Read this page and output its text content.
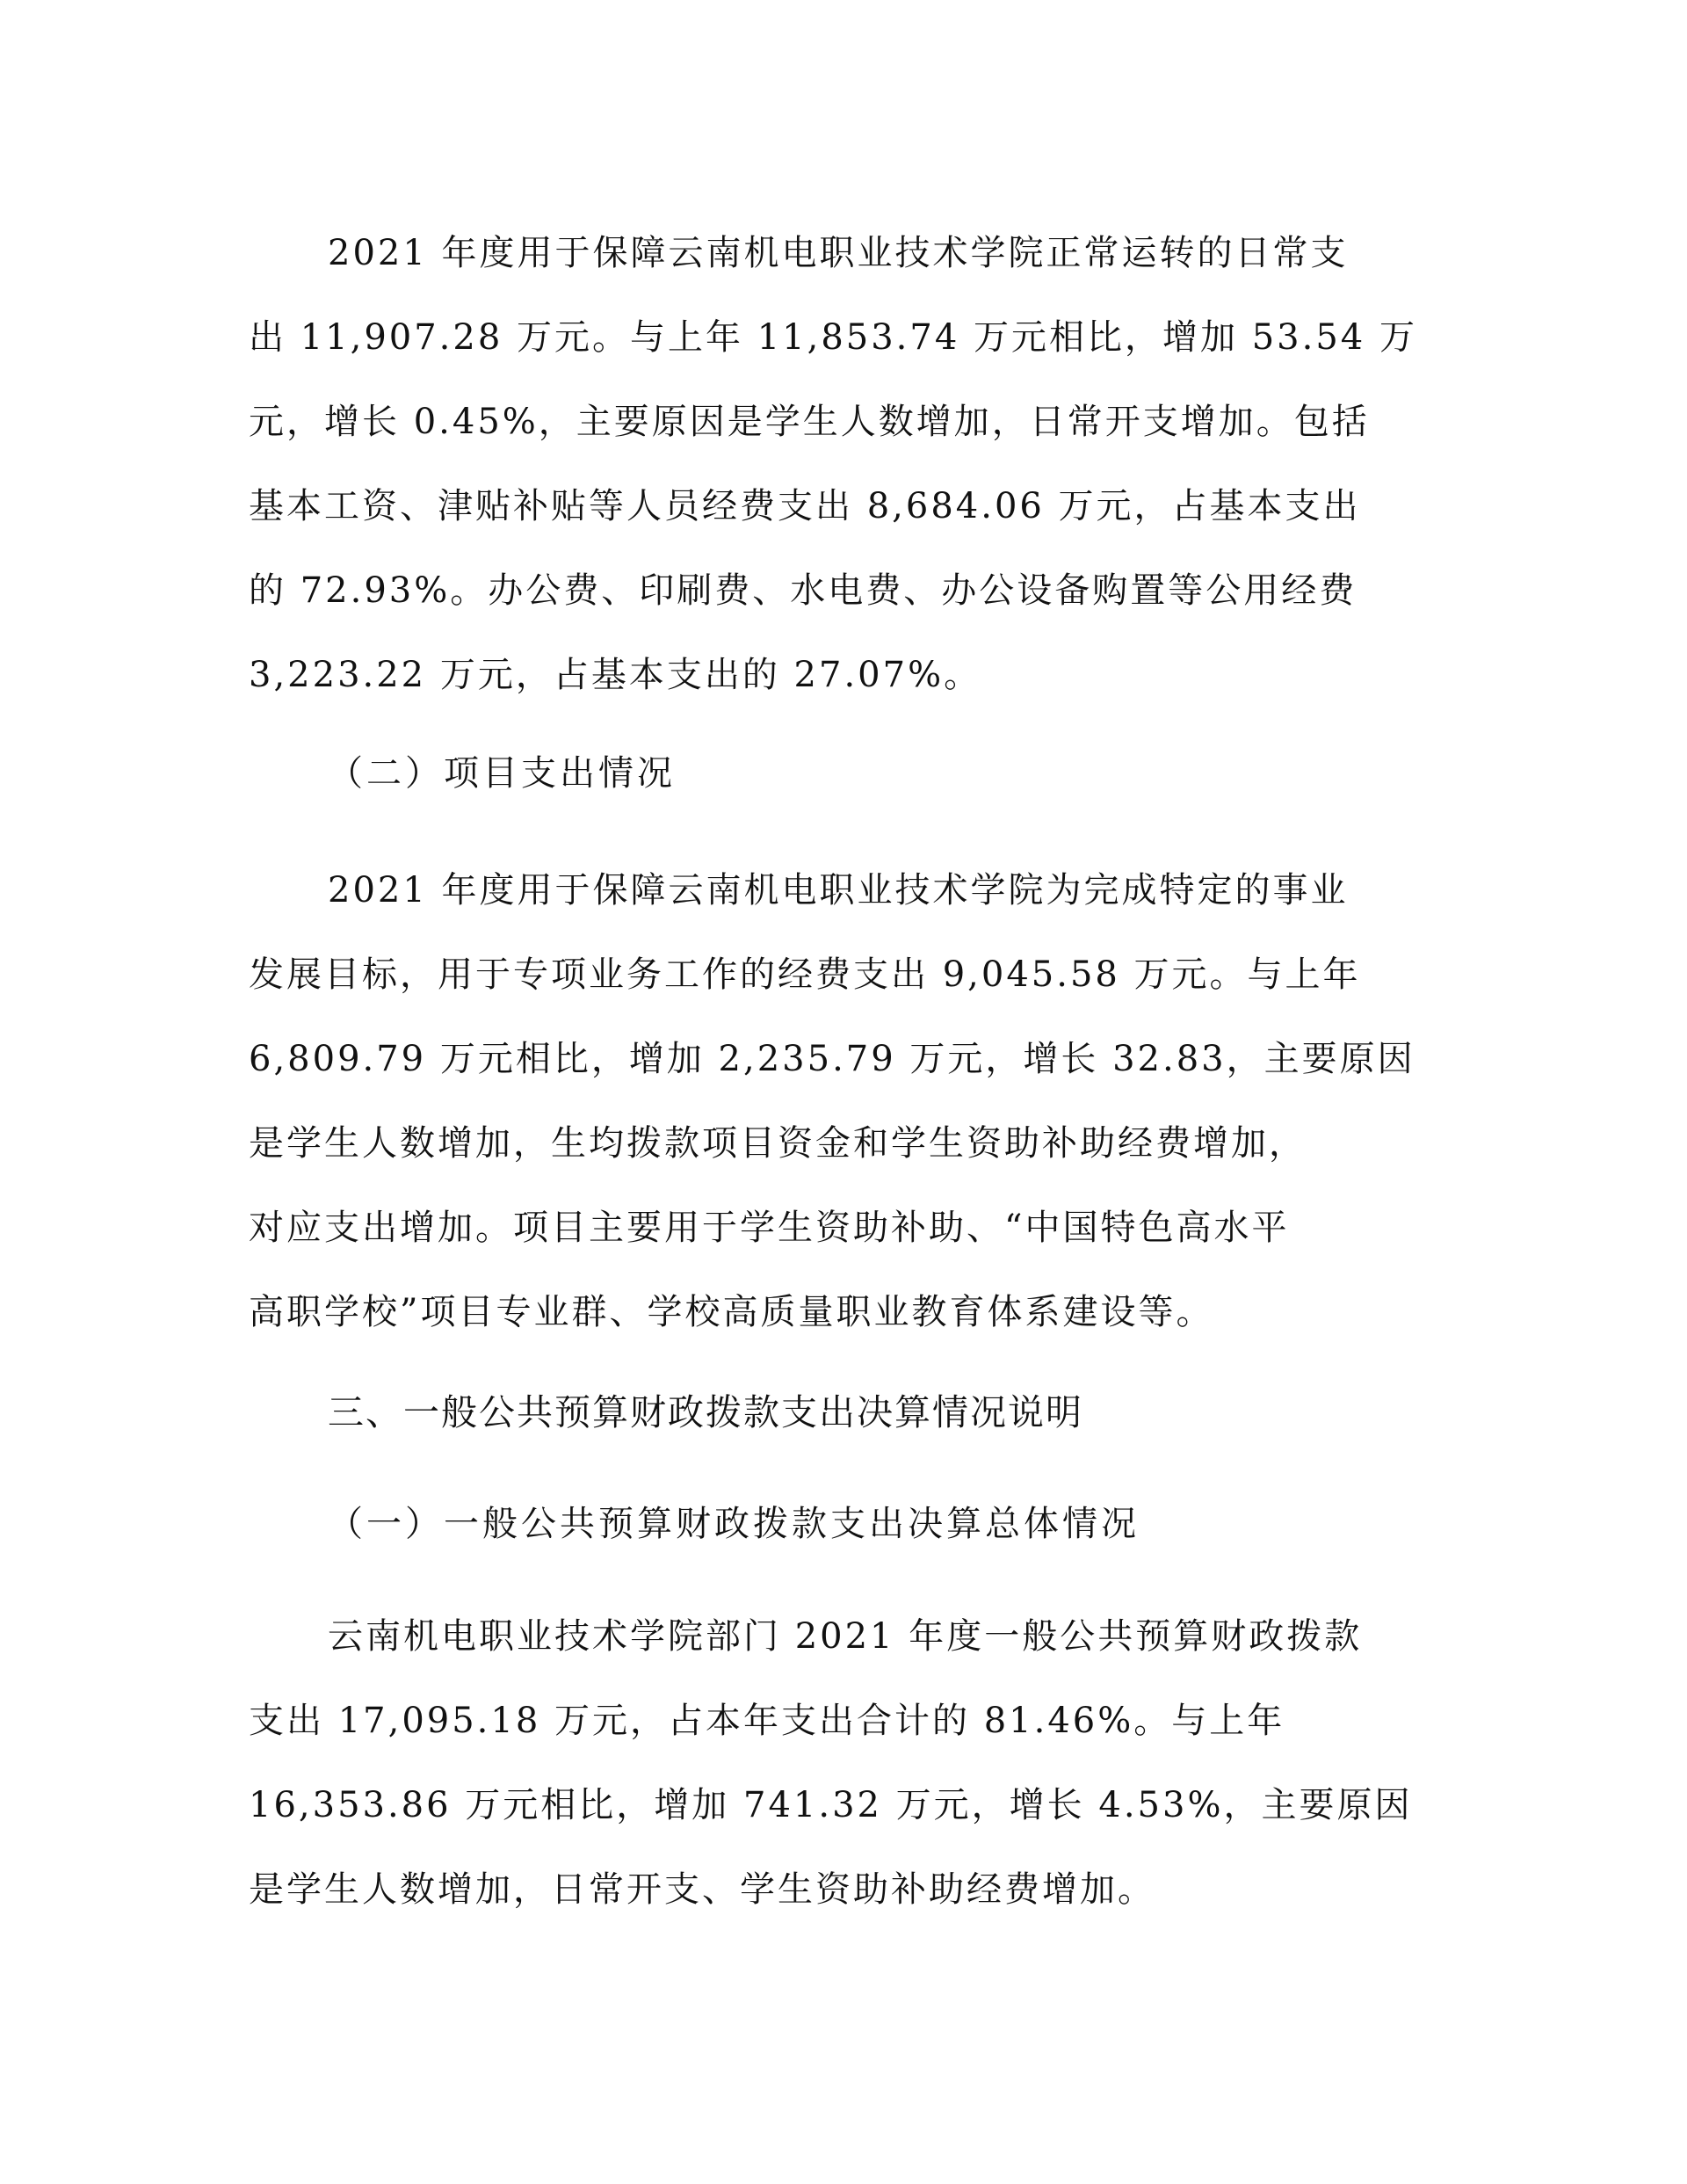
2021 年度用于保障云南机电职业技术学院正常运转的日常支
出 11,907.28 万元。与上年 11,853.74 万元相比，增加 53.54 万
元，增长 0.45%，主要原因是学生人数增加，日常开支增加。包括
基本工资、津贴补贴等人员经费支出 8,684.06 万元，占基本支出
的 72.93%。办公费、印刷费、水电费、办公设备购置等公用经费
3,223.22 万元，占基本支出的 27.07%。
（二）项目支出情况
2021 年度用于保障云南机电职业技术学院为完成特定的事业
发展目标，用于专项业务工作的经费支出 9,045.58 万元。与上年
6,809.79 万元相比，增加 2,235.79 万元，增长 32.83，主要原因
是学生人数增加，生均拨款项目资金和学生资助补助经费增加，
对应支出增加。项目主要用于学生资助补助、“中国特色高水平
高职学校”项目专业群、学校高质量职业教育体系建设等。
三、一般公共预算财政拨款支出决算情况说明
（一）一般公共预算财政拨款支出决算总体情况
云南机电职业技术学院部门 2021 年度一般公共预算财政拨款
支出 17,095.18 万元，占本年支出合计的 81.46%。与上年
16,353.86 万元相比，增加 741.32 万元，增长 4.53%，主要原因
是学生人数增加，日常开支、学生资助补助经费增加。
